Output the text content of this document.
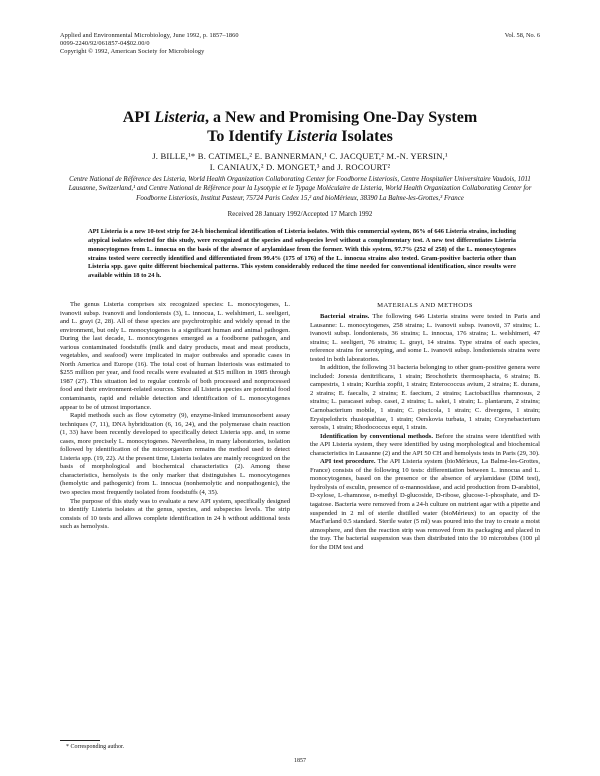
Applied and Environmental Microbiology, June 1992, p. 1857–1860
0099-2240/92/061857-04$02.00/0
Copyright © 1992, American Society for Microbiology
Vol. 58, No. 6
API Listeria, a New and Promising One-Day System
To Identify Listeria Isolates
J. BILLE,¹* B. CATIMEL,² E. BANNERMAN,¹ C. JACQUET,² M.-N. YERSIN,¹
I. CANIAUX,² D. MONGET,³ and J. ROCOURT²
Centre National de Référence des Listeria, World Health Organization Collaborating Center for Foodborne Listeriosis, Centre Hospitalier Universitaire Vaudois, 1011 Lausanne, Switzerland,¹ and Centre National de Référence pour la Lysotypie et le Typage Moléculaire de Listeria, World Health Organization Collaborating Center for Foodborne Listeriosis, Institut Pasteur, 75724 Paris Cedex 15,² and bioMérieux, 38390 La Balme-les-Grottes,³ France
Received 28 January 1992/Accepted 17 March 1992
API Listeria is a new 10-test strip for 24-h biochemical identification of Listeria isolates. With this commercial system, 86% of 646 Listeria strains, including atypical isolates selected for this study, were recognized at the species and subspecies level without a complementary test. A new test differentiates Listeria monocytogenes from L. innocua on the basis of the absence of arylamidase from the former. With this system, 97.7% (252 of 258) of the L. monocytogenes strains tested were correctly identified and differentiated from 99.4% (175 of 176) of the L. innocua strains also tested. Gram-positive bacteria other than Listeria spp. gave quite different biochemical patterns. This system considerably reduced the time needed for conventional identification, since results were available within 18 to 24 h.

The genus Listeria comprises six recognized species: L. monocytogenes, L. ivanovii subsp. ivanovii and londoniensis (3), L. innocua, L. welshimeri, L. seeligeri, and L. grayi (2, 28). All of these species are psychrotrophic and widely spread in the environment, but only L. monocytogenes is a significant human and animal pathogen. During the last decade, L. monocytogenes emerged as a foodborne pathogen, and various contaminated foodstuffs (milk and dairy products, meat and meat products, vegetables, and seafood) were implicated in major outbreaks and sporadic cases in North America and Europe (16). The total cost of human listeriosis was estimated to $255 million per year, and food recalls were evaluated at $15 million in 1985 through 1987 (27). This situation led to regular controls of both processed and nonprocessed food and their environment-related sources. Since all Listeria species are potential food contaminants, rapid and reliable detection and identification of L. monocytogenes appear to be of utmost importance.

Rapid methods such as flow cytometry (9), enzyme-linked immunosorbent assay techniques (7, 11), DNA hybridization (6, 16, 24), and the polymerase chain reaction (1, 33) have been recently developed to specifically detect Listeria spp. and, in some cases, more precisely L. monocytogenes. Nevertheless, in many laboratories, isolation followed by identification of the microorganism remains the method used to detect Listeria spp. (19, 22). At the present time, Listeria isolates are mainly recognized on the basis of morphological and biochemical characteristics (2). Among these characteristics, hemolysis is the only marker that distinguishes L. monocytogenes (hemolytic and pathogenic) from L. innocua (nonhemolytic and nonpathogenic), the two species most frequently isolated from foodstuffs (4, 35).

The purpose of this study was to evaluate a new API system, specifically designed to identify Listeria isolates at the genus, species, and subspecies levels. The strip consists of 10 tests and allows complete identification in 24 h without additional tests such as hemolysis.

MATERIALS AND METHODS

Bacterial strains. The following 646 Listeria strains were tested in Paris and Lausanne: L. monocytogenes, 258 strains; L. ivanovii subsp. ivanovii, 37 strains; L. ivanovii subsp. londoniensis, 36 strains; L. innocua, 176 strains; L. welshimeri, 47 strains; L. seeligeri, 76 strains; L. grayi, 14 strains. Type strains of each species, reference strains for serotyping, and some L. ivanovii subsp. londoniensis strains were tested in both laboratories.

In addition, the following 31 bacteria belonging to other gram-positive genera were included: Jonesia denitrificans, 1 strain; Brochothrix thermosphacta, 6 strains; B. campestris, 1 strain; Kurthia zopfii, 1 strain; Enterococcus avium, 2 strains; E. durans, 2 strains; E. faecalis, 2 strains; E. faecium, 2 strains; Lactobacillus rhamnosus, 2 strains; L. paracasei subsp. casei, 2 strains; L. sakei, 1 strain; L. plantarum, 2 strains; Carnobacterium mobile, 1 strain; C. piscicola, 1 strain; C. divergens, 1 strain; Erysipelothrix rhusiopathiae, 1 strain; Oerskovia turbata, 1 strain; Corynebacterium xerosis, 1 strain; Rhodococcus equi, 1 strain.

Identification by conventional methods. Before the strains were identified with the API Listeria system, they were identified by using morphological and biochemical characteristics in Lausanne (2) and the API 50 CH and hemolysis tests in Paris (29, 30).

API test procedure. The API Listeria system (bioMérieux, La Balme-les-Grottes, France) consists of the following 10 tests: differentiation between L. innocua and L. monocytogenes, based on the presence or the absence of arylamidase (DIM test), hydrolysis of esculin, presence of α-mannosidase, and acid production from D-arabitol, D-xylose, L-rhamnose, α-methyl D-glucoside, D-ribose, glucose-1-phosphate, and D-tagatose. Bacteria were removed from a 24-h culture on nutrient agar with a pipette and suspended in 2 ml of sterile distilled water (bioMérieux) to an opacity of the MacFarland 0.5 standard. Sterile water (5 ml) was poured into the tray to create a moist atmosphere, and then the reaction strip was removed from its packaging and placed in the tray. The bacterial suspension was then distributed into the 10 microtubes (100 µl for the DIM test and

* Corresponding author.
1857
